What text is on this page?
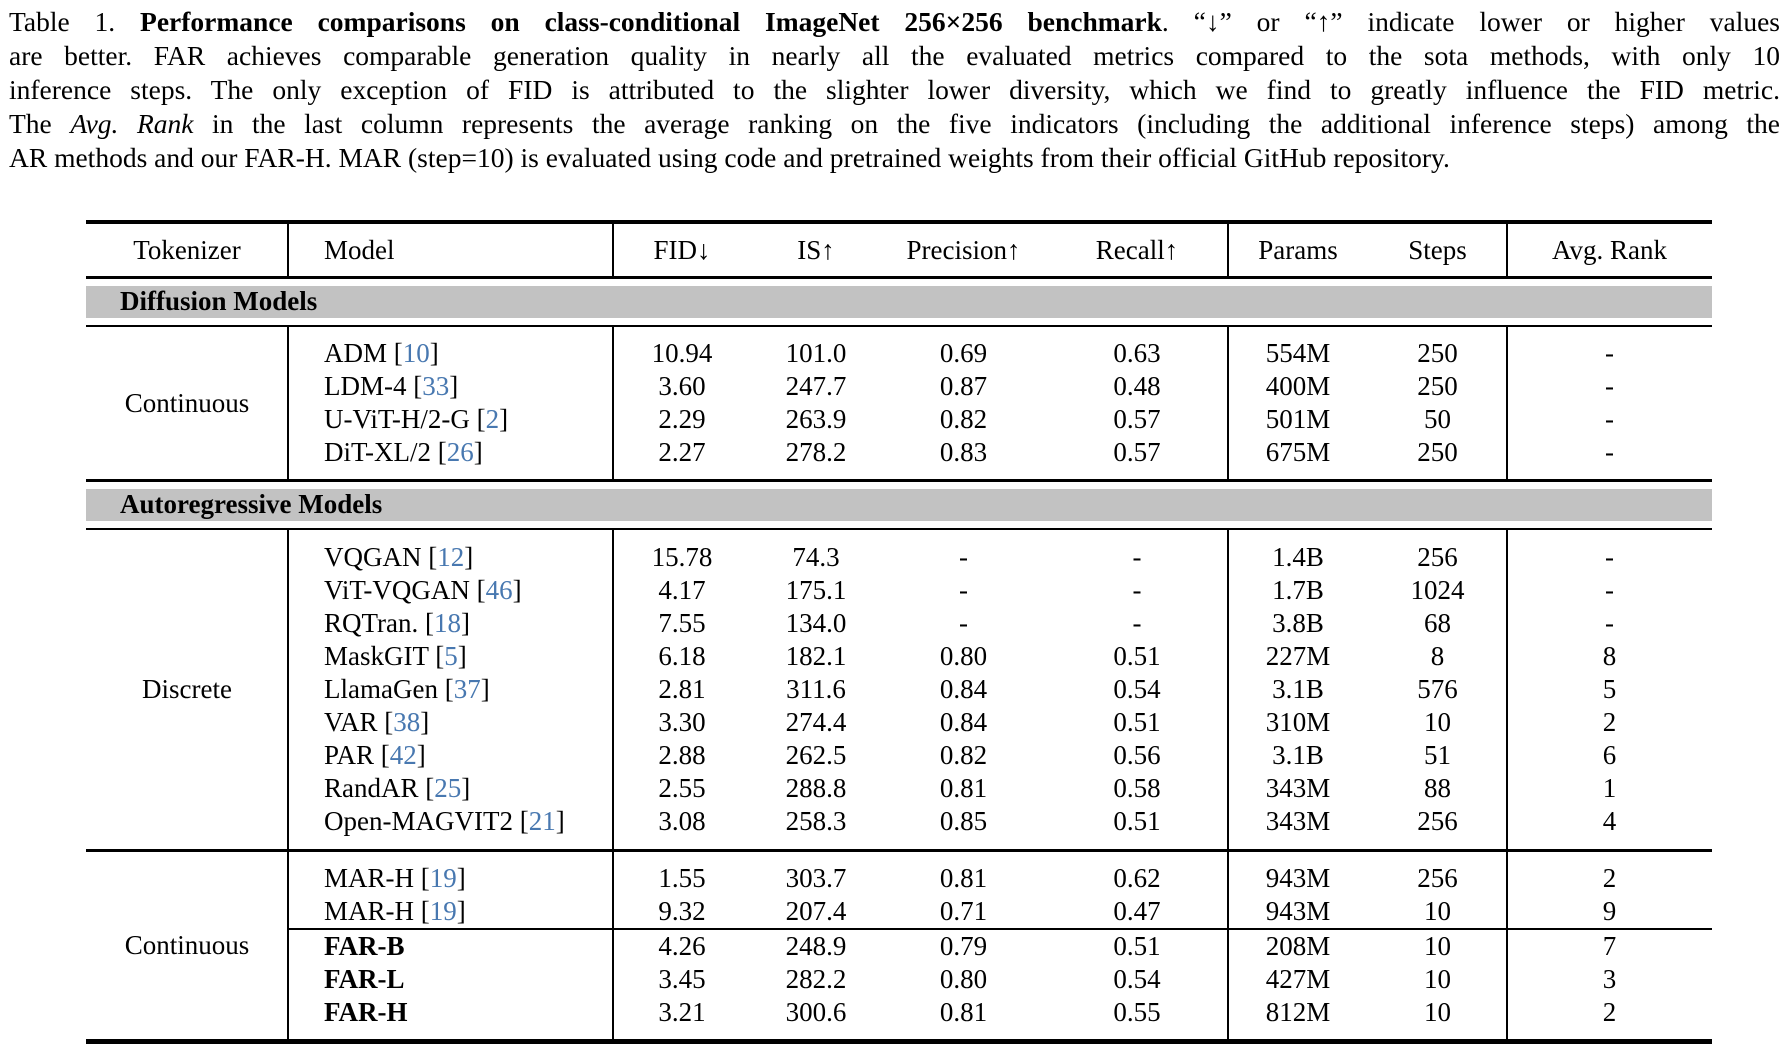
Table 1. Performance comparisons on class-conditional ImageNet 256×256 benchmark. “↓” or “↑” indicate lower or higher values
are better. FAR achieves comparable generation quality in nearly all the evaluated metrics compared to the sota methods, with only 10
inference steps. The only exception of FID is attributed to the slighter lower diversity, which we find to greatly influence the FID metric.
The Avg. Rank in the last column represents the average ranking on the five indicators (including the additional inference steps) among the
AR methods and our FAR-H. MAR (step=10) is evaluated using code and pretrained weights from their official GitHub repository.
Tokenizer	Model	FID↓	IS↑	Precision↑	Recall↑	Params	Steps	Avg. Rank
Diffusion Models
Continuous
ADM [10]	10.94	101.0	0.69	0.63	554M	250	-
LDM-4 [33]	3.60	247.7	0.87	0.48	400M	250	-
U-ViT-H/2-G [2]	2.29	263.9	0.82	0.57	501M	50	-
DiT-XL/2 [26]	2.27	278.2	0.83	0.57	675M	250	-
Autoregressive Models
Discrete
VQGAN [12]	15.78	74.3	-	-	1.4B	256	-
ViT-VQGAN [46]	4.17	175.1	-	-	1.7B	1024	-
RQTran. [18]	7.55	134.0	-	-	3.8B	68	-
MaskGIT [5]	6.18	182.1	0.80	0.51	227M	8	8
LlamaGen [37]	2.81	311.6	0.84	0.54	3.1B	576	5
VAR [38]	3.30	274.4	0.84	0.51	310M	10	2
PAR [42]	2.88	262.5	0.82	0.56	3.1B	51	6
RandAR [25]	2.55	288.8	0.81	0.58	343M	88	1
Open-MAGVIT2 [21]	3.08	258.3	0.85	0.51	343M	256	4
Continuous
MAR-H [19]	1.55	303.7	0.81	0.62	943M	256	2
MAR-H [19]	9.32	207.4	0.71	0.47	943M	10	9
FAR-B	4.26	248.9	0.79	0.51	208M	10	7
FAR-L	3.45	282.2	0.80	0.54	427M	10	3
FAR-H	3.21	300.6	0.81	0.55	812M	10	2
